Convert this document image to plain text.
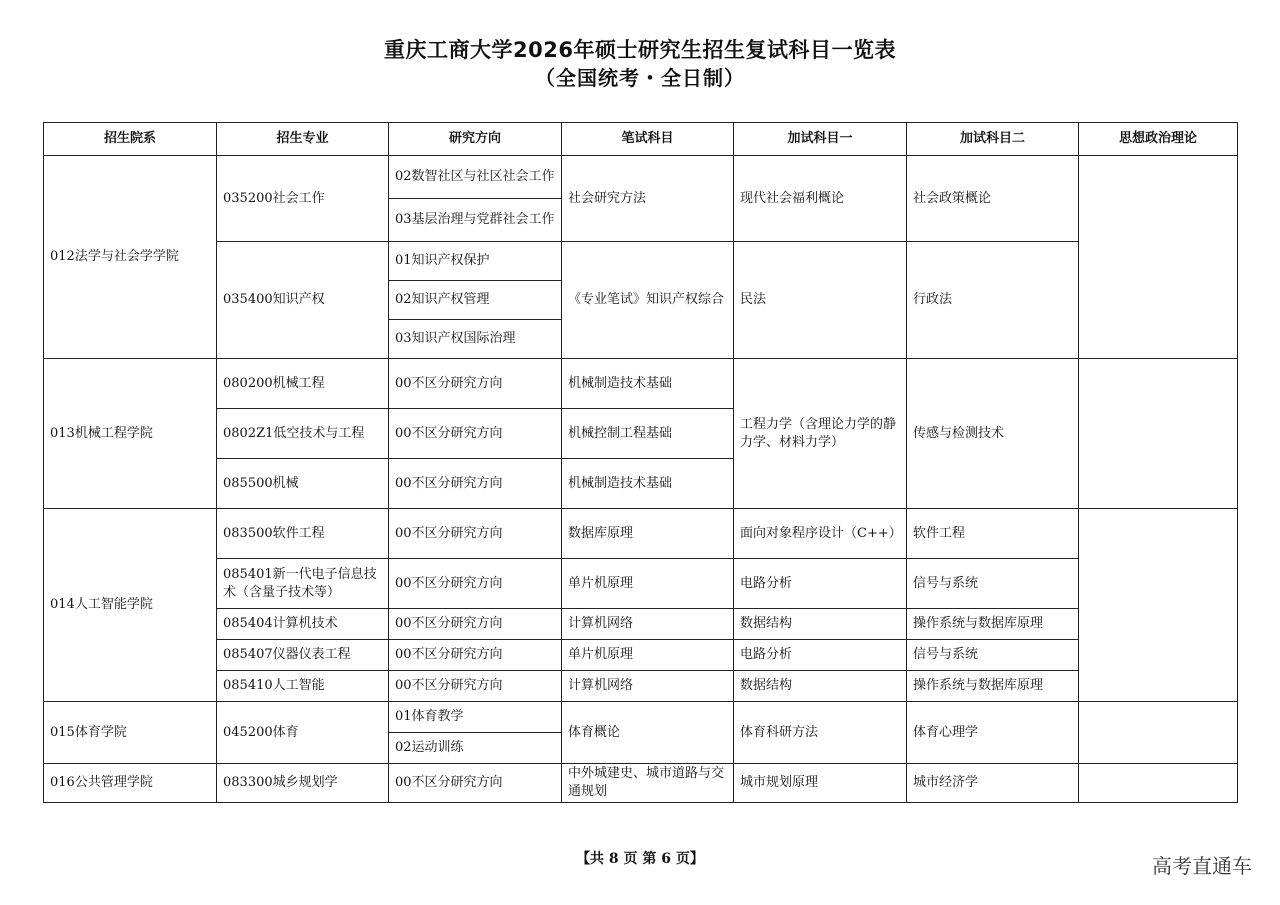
重庆工商大学2026年硕士研究生招生复试科目一览表
（全国统考・全日制）
招生院系	招生专业	研究方向	笔试科目	加试科目一	加试科目二	思想政治理论
012法学与社会学学院	035200社会工作	02数智社区与社区社会工作	社会研究方法	现代社会福利概论	社会政策概论	
		03基层治理与党群社会工作				
	035400知识产权	01知识产权保护	《专业笔试》知识产权综合	民法	行政法	
		02知识产权管理				
		03知识产权国际治理				
013机械工程学院	080200机械工程	00不区分研究方向	机械制造技术基础	工程力学（含理论力学的静力学、材料力学）	传感与检测技术	
	0802Z1低空技术与工程	00不区分研究方向	机械控制工程基础			
	085500机械	00不区分研究方向	机械制造技术基础			
014人工智能学院	083500软件工程	00不区分研究方向	数据库原理	面向对象程序设计（C++）	软件工程	
	085401新一代电子信息技术（含量子技术等）	00不区分研究方向	单片机原理	电路分析	信号与系统	
	085404计算机技术	00不区分研究方向	计算机网络	数据结构	操作系统与数据库原理	
	085407仪器仪表工程	00不区分研究方向	单片机原理	电路分析	信号与系统	
	085410人工智能	00不区分研究方向	计算机网络	数据结构	操作系统与数据库原理	
015体育学院	045200体育	01体育教学	体育概论	体育科研方法	体育心理学	
		02运动训练				
016公共管理学院	083300城乡规划学	00不区分研究方向	中外城建史、城市道路与交通规划	城市规划原理	城市经济学	
【共 8 页 第 6 页】	高考直通车
